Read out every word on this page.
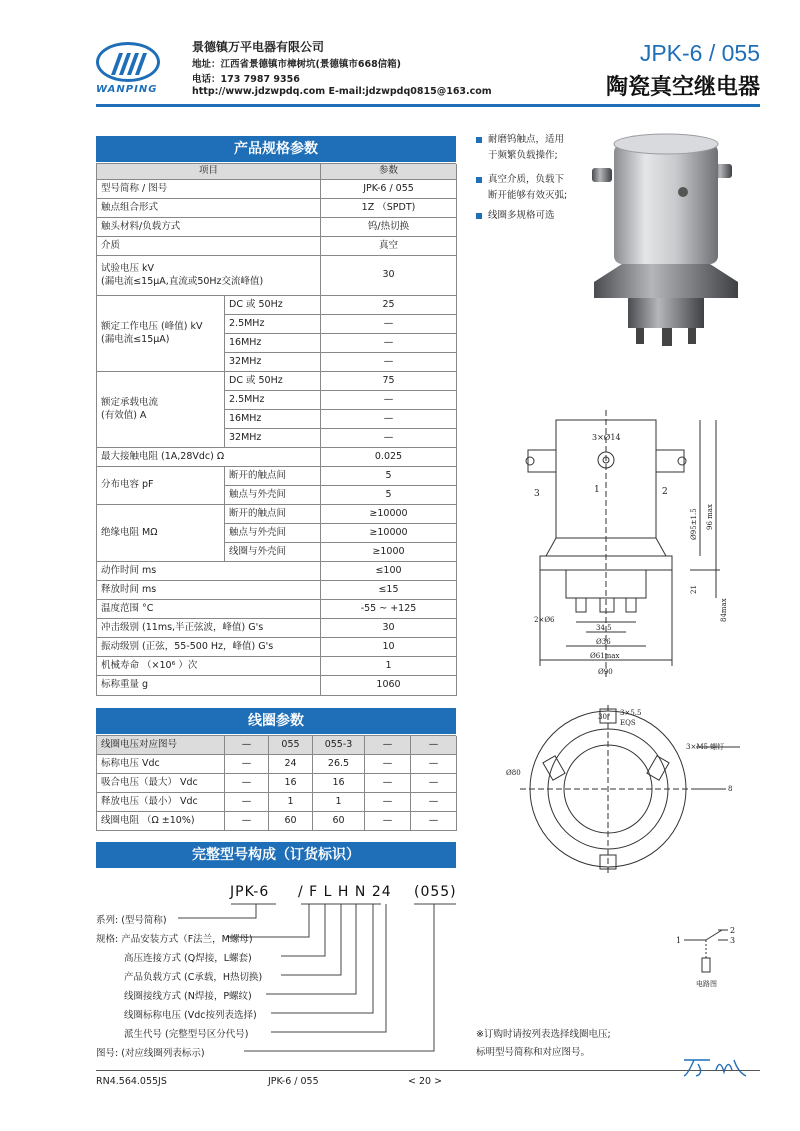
WANPING
景德镇万平电器有限公司
地址：江西省景德镇市樟树坑(景德镇市668信箱)
电话：173 7987 9356
http://www.jdzwpdq.com E-mail:jdzwpdq0815@163.com
JPK-6 / 055
陶瓷真空继电器
产品规格参数
项目	参数
型号简称 / 图号	JPK-6 / 055
触点组合形式	1Z （SPDT)
触头材料/负载方式	钨/热切换
介质	真空
试验电压 kV
(漏电流≤15μA,直流或50Hz交流峰值)
30
额定工作电压 (峰值) kV
(漏电流≤15μA)
DC 或 50Hz	25
2.5MHz	—
16MHz	—
32MHz	—
额定承载电流
(有效值) A
DC 或 50Hz	75
2.5MHz	—
16MHz	—
32MHz	—
最大接触电阻 (1A,28Vdc) Ω	0.025
分布电容 pF
断开的触点间	5
触点与外壳间	5
绝缘电阻 MΩ
断开的触点间	≥10000
触点与外壳间	≥10000
线圈与外壳间	≥1000
动作时间 ms	≤100
释放时间 ms	≤15
温度范围 °C	-55 ~ +125
冲击级别 (11ms,半正弦波，峰值) G's	30
振动级别 (正弦，55-500 Hz，峰值) G's	10
机械寿命 （×10⁶ ）次	1
标称重量 g	1060
线圈参数
线圈电压对应图号	—	055	055-3	—	—
标称电压 Vdc	—	24	26.5	—	—
吸合电压（最大） Vdc	—	16	16	—	—
释放电压（最小） Vdc	—	1	1	—	—
线圈电阻 （Ω ±10%)	—	60	60	—	—
完整型号构成（订货标识）
JPK-6 / F L H N 24 (055)
系列: (型号简称)
规格: 产品安装方式（F法兰，M螺母)
高压连接方式 (Q焊接，L螺套)
产品负载方式 (C承载，H热切换)
线圈接线方式 (N焊接，P螺纹)
线圈标称电压 (Vdc按列表选择)
派生代号 (完整型号区分代号)
图号: (对应线圈列表标示)
耐磨钨触点，适用
于频繁负载操作;
真空介质，负载下
断开能够有效灭弧;
线圈多规格可选
3×Ø14
1	2
3
Ø95±1.5 96 max
21
84max
2×Ø6
34.5
Ø36
Ø61max
Ø90
30° 3×5.5
EQS
3×M5 螺钉
Ø80
8
1
2
3
电路图
※订购时请按列表选择线圈电压;
标明型号简称和对应图号。
RN4.564.055JS	JPK-6 / 055	< 20 >
